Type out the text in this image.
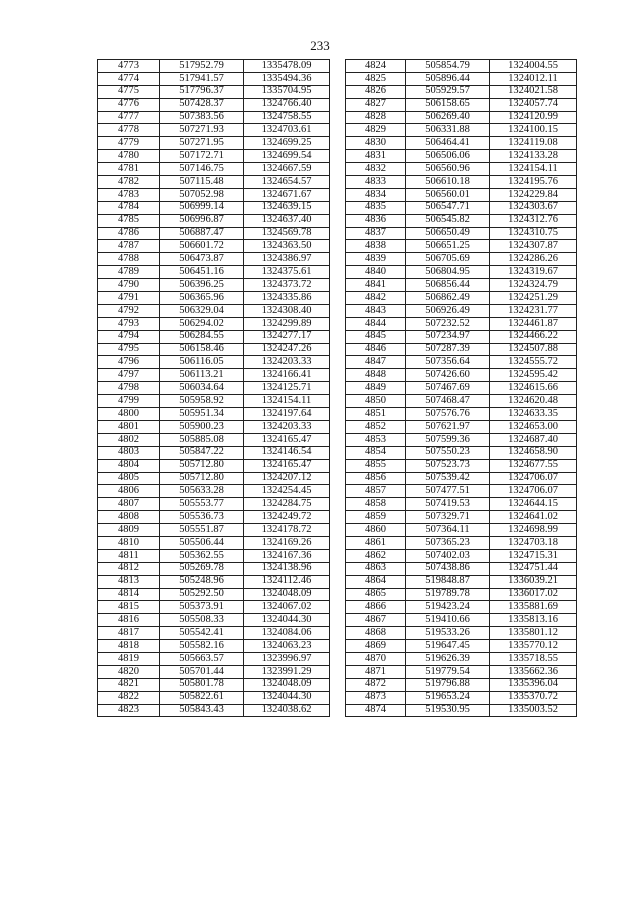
233
4773	517952.79	1335478.09
4774	517941.57	1335494.36
4775	517796.37	1335704.95
4776	507428.37	1324766.40
4777	507383.56	1324758.55
4778	507271.93	1324703.61
4779	507271.95	1324699.25
4780	507172.71	1324699.54
4781	507146.75	1324667.59
4782	507115.48	1324654.57
4783	507052.98	1324671.67
4784	506999.14	1324639.15
4785	506996.87	1324637.40
4786	506887.47	1324569.78
4787	506601.72	1324363.50
4788	506473.87	1324386.97
4789	506451.16	1324375.61
4790	506396.25	1324373.72
4791	506365.96	1324335.86
4792	506329.04	1324308.40
4793	506294.02	1324299.89
4794	506284.55	1324277.17
4795	506158.46	1324247.26
4796	506116.05	1324203.33
4797	506113.21	1324166.41
4798	506034.64	1324125.71
4799	505958.92	1324154.11
4800	505951.34	1324197.64
4801	505900.23	1324203.33
4802	505885.08	1324165.47
4803	505847.22	1324146.54
4804	505712.80	1324165.47
4805	505712.80	1324207.12
4806	505633.28	1324254.45
4807	505553.77	1324284.75
4808	505536.73	1324249.72
4809	505551.87	1324178.72
4810	505506.44	1324169.26
4811	505362.55	1324167.36
4812	505269.78	1324138.96
4813	505248.96	1324112.46
4814	505292.50	1324048.09
4815	505373.91	1324067.02
4816	505508.33	1324044.30
4817	505542.41	1324084.06
4818	505582.16	1324063.23
4819	505663.57	1323996.97
4820	505701.44	1323991.29
4821	505801.78	1324048.09
4822	505822.61	1324044.30
4823	505843.43	1324038.62
4824	505854.79	1324004.55
4825	505896.44	1324012.11
4826	505929.57	1324021.58
4827	506158.65	1324057.74
4828	506269.40	1324120.99
4829	506331.88	1324100.15
4830	506464.41	1324119.08
4831	506506.06	1324133.28
4832	506560.96	1324154.11
4833	506610.18	1324195.76
4834	506560.01	1324229.84
4835	506547.71	1324303.67
4836	506545.82	1324312.76
4837	506650.49	1324310.75
4838	506651.25	1324307.87
4839	506705.69	1324286.26
4840	506804.95	1324319.67
4841	506856.44	1324324.79
4842	506862.49	1324251.29
4843	506926.49	1324231.77
4844	507232.52	1324461.87
4845	507234.97	1324466.22
4846	507287.39	1324507.88
4847	507356.64	1324555.72
4848	507426.60	1324595.42
4849	507467.69	1324615.66
4850	507468.47	1324620.48
4851	507576.76	1324633.35
4852	507621.97	1324653.00
4853	507599.36	1324687.40
4854	507550.23	1324658.90
4855	507523.73	1324677.55
4856	507539.42	1324706.07
4857	507477.51	1324706.07
4858	507419.53	1324644.15
4859	507329.71	1324641.02
4860	507364.11	1324698.99
4861	507365.23	1324703.18
4862	507402.03	1324715.31
4863	507438.86	1324751.44
4864	519848.87	1336039.21
4865	519789.78	1336017.02
4866	519423.24	1335881.69
4867	519410.66	1335813.16
4868	519533.26	1335801.12
4869	519647.45	1335770.12
4870	519626.39	1335718.55
4871	519779.54	1335662.36
4872	519796.88	1335396.04
4873	519653.24	1335370.72
4874	519530.95	1335003.52
